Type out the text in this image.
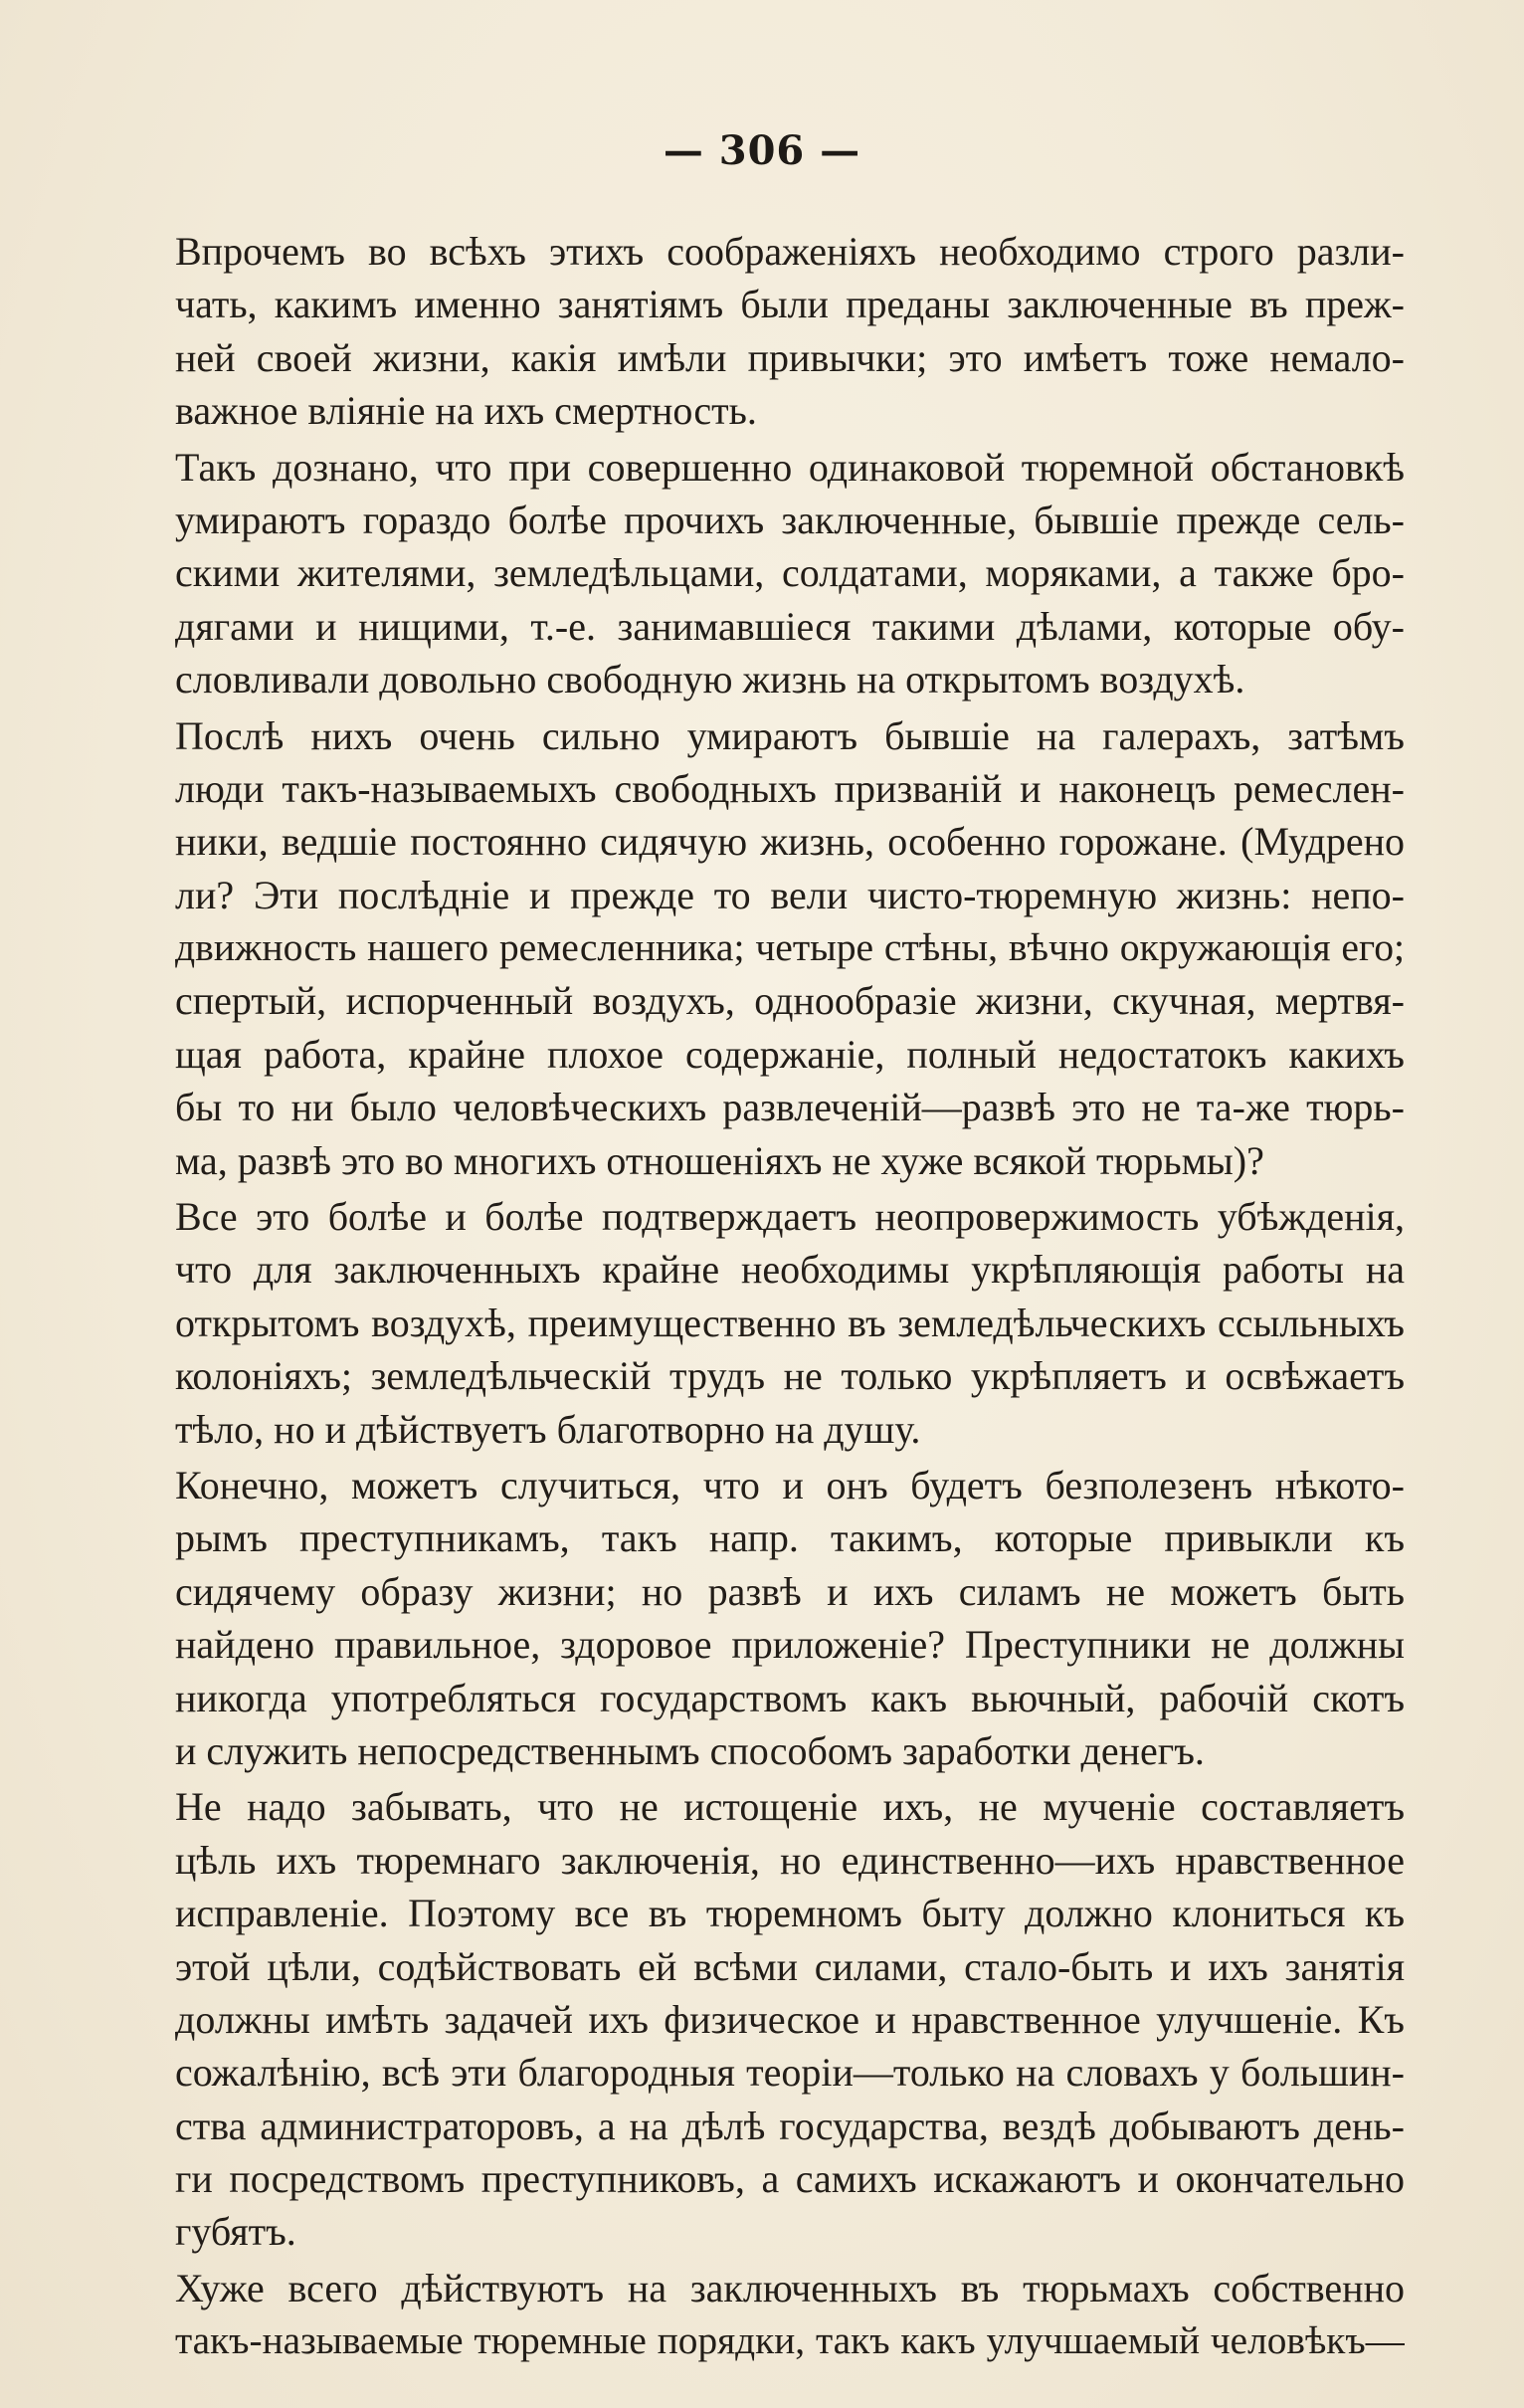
— 306 —
Впрочемъ во всѣхъ этихъ соображеніяхъ необходимо строго разли-
чать, какимъ именно занятіямъ были преданы заключенные въ преж-
ней своей жизни, какія имѣли привычки; это имѣетъ тоже немало-
важное вліяніе на ихъ смертность.
Такъ дознано, что при совершенно одинаковой тюремной обстановкѣ
умираютъ гораздо болѣе прочихъ заключенные, бывшіе прежде сель-
скими жителями, земледѣльцами, солдатами, моряками, а также бро-
дягами и нищими, т.-е. занимавшіеся такими дѣлами, которые обу-
словливали довольно свободную жизнь на открытомъ воздухѣ.
Послѣ нихъ очень сильно умираютъ бывшіе на галерахъ, затѣмъ
люди такъ-называемыхъ свободныхъ призваній и наконецъ ремеслен-
ники, ведшіе постоянно сидячую жизнь, особенно горожане. (Мудрено
ли? Эти послѣдніе и прежде то вели чисто-тюремную жизнь: непо-
движность нашего ремесленника; четыре стѣны, вѣчно окружающія его;
спертый, испорченный воздухъ, однообразіе жизни, скучная, мертвя-
щая работа, крайне плохое содержаніе, полный недостатокъ какихъ
бы то ни было человѣческихъ развлеченій—развѣ это не та-же тюрь-
ма, развѣ это во многихъ отношеніяхъ не хуже всякой тюрьмы)?
Все это болѣе и болѣе подтверждаетъ неопровержимость убѣжденія,
что для заключенныхъ крайне необходимы укрѣпляющія работы на
открытомъ воздухѣ, преимущественно въ земледѣльческихъ ссыльныхъ
колоніяхъ; земледѣльческій трудъ не только укрѣпляетъ и освѣжаетъ
тѣло, но и дѣйствуетъ благотворно на душу.
Конечно, можетъ случиться, что и онъ будетъ безполезенъ нѣкото-
рымъ преступникамъ, такъ напр. такимъ, которые привыкли къ
сидячему образу жизни; но развѣ и ихъ силамъ не можетъ быть
найдено правильное, здоровое приложеніе? Преступники не должны
никогда употребляться государствомъ какъ вьючный, рабочій скотъ
и служить непосредственнымъ способомъ заработки денегъ.
Не надо забывать, что не истощеніе ихъ, не мученіе составляетъ
цѣль ихъ тюремнаго заключенія, но единственно—ихъ нравственное
исправленіе. Поэтому все въ тюремномъ быту должно клониться къ
этой цѣли, содѣйствовать ей всѣми силами, стало-быть и ихъ занятія
должны имѣть задачей ихъ физическое и нравственное улучшеніе. Къ
сожалѣнію, всѣ эти благородныя теоріи—только на словахъ у большин-
ства администраторовъ, а на дѣлѣ государства, вездѣ добываютъ день-
ги посредствомъ преступниковъ, а самихъ искажаютъ и окончательно
губятъ.
Хуже всего дѣйствуютъ на заключенныхъ въ тюрьмахъ собственно
такъ-называемые тюремные порядки, такъ какъ улучшаемый человѣкъ—
